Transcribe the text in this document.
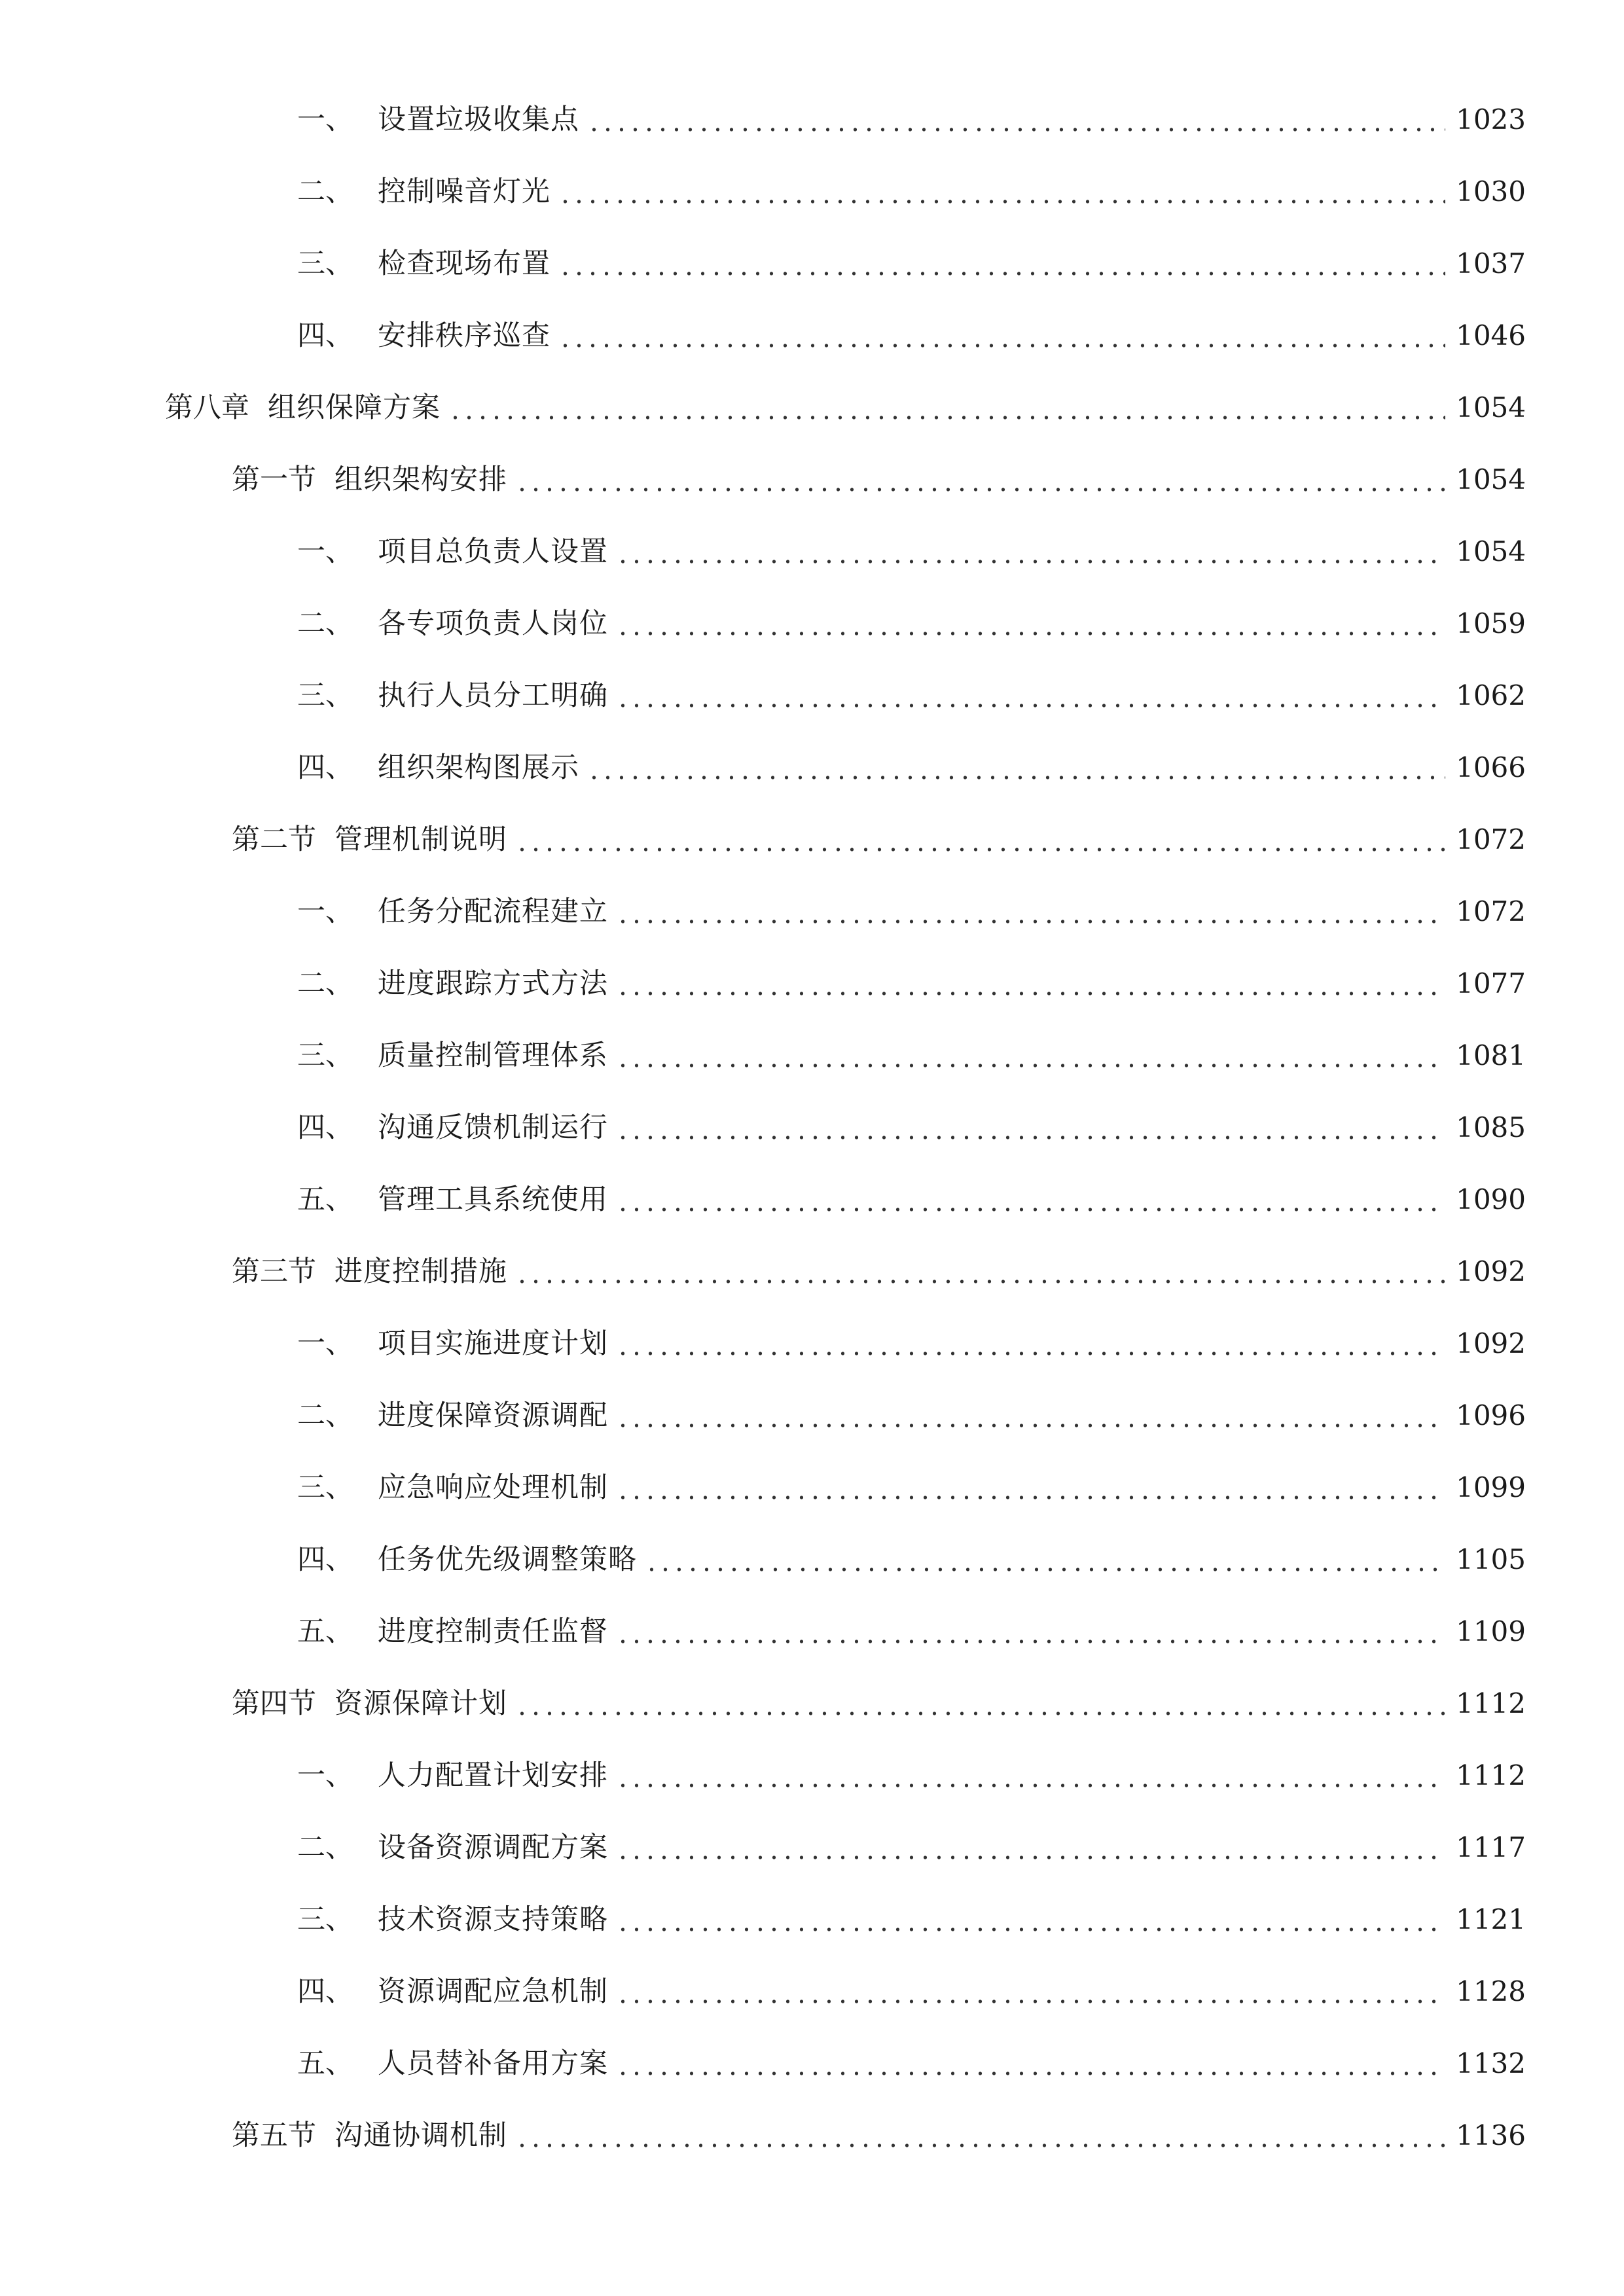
一、 设置垃圾收集点	1023
二、 控制噪音灯光	1030
三、 检查现场布置	1037
四、 安排秩序巡查	1046
第八章 组织保障方案	1054
第一节 组织架构安排	1054
一、 项目总负责人设置	1054
二、 各专项负责人岗位	1059
三、 执行人员分工明确	1062
四、 组织架构图展示	1066
第二节 管理机制说明	1072
一、 任务分配流程建立	1072
二、 进度跟踪方式方法	1077
三、 质量控制管理体系	1081
四、 沟通反馈机制运行	1085
五、 管理工具系统使用	1090
第三节 进度控制措施	1092
一、 项目实施进度计划	1092
二、 进度保障资源调配	1096
三、 应急响应处理机制	1099
四、 任务优先级调整策略	1105
五、 进度控制责任监督	1109
第四节 资源保障计划	1112
一、 人力配置计划安排	1112
二、 设备资源调配方案	1117
三、 技术资源支持策略	1121
四、 资源调配应急机制	1128
五、 人员替补备用方案	1132
第五节 沟通协调机制	1136
